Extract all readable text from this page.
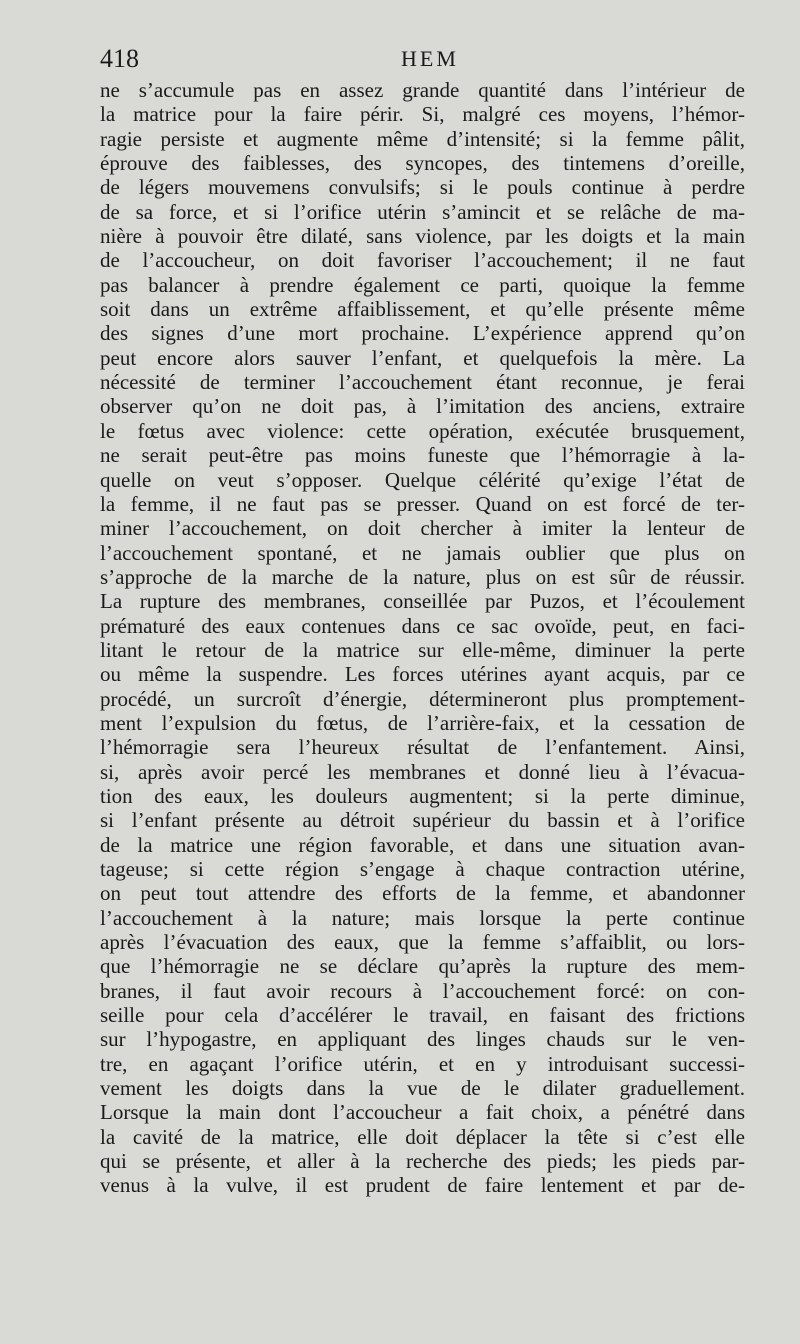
418	HEM
ne s’accumule pas en assez grande quantité dans l’intérieur de
la matrice pour la faire périr. Si, malgré ces moyens, l’hémor-
ragie persiste et augmente même d’intensité; si la femme pâlit,
éprouve des faiblesses, des syncopes, des tintemens d’oreille,
de légers mouvemens convulsifs; si le pouls continue à perdre
de sa force, et si l’orifice utérin s’amincit et se relâche de ma-
nière à pouvoir être dilaté, sans violence, par les doigts et la main
de l’accoucheur, on doit favoriser l’accouchement; il ne faut
pas balancer à prendre également ce parti, quoique la femme
soit dans un extrême affaiblissement, et qu’elle présente même
des signes d’une mort prochaine. L’expérience apprend qu’on
peut encore alors sauver l’enfant, et quelquefois la mère. La
nécessité de terminer l’accouchement étant reconnue, je ferai
observer qu’on ne doit pas, à l’imitation des anciens, extraire
le fœtus avec violence: cette opération, exécutée brusquement,
ne serait peut-être pas moins funeste que l’hémorragie à la-
quelle on veut s’opposer. Quelque célérité qu’exige l’état de
la femme, il ne faut pas se presser. Quand on est forcé de ter-
miner l’accouchement, on doit chercher à imiter la lenteur de
l’accouchement spontané, et ne jamais oublier que plus on
s’approche de la marche de la nature, plus on est sûr de réussir.
La rupture des membranes, conseillée par Puzos, et l’écoulement
prématuré des eaux contenues dans ce sac ovoïde, peut, en faci-
litant le retour de la matrice sur elle-même, diminuer la perte
ou même la suspendre. Les forces utérines ayant acquis, par ce
procédé, un surcroît d’énergie, détermineront plus promptement-
ment l’expulsion du fœtus, de l’arrière-faix, et la cessation de
l’hémorragie sera l’heureux résultat de l’enfantement. Ainsi,
si, après avoir percé les membranes et donné lieu à l’évacua-
tion des eaux, les douleurs augmentent; si la perte diminue,
si l’enfant présente au détroit supérieur du bassin et à l’orifice
de la matrice une région favorable, et dans une situation avan-
tageuse; si cette région s’engage à chaque contraction utérine,
on peut tout attendre des efforts de la femme, et abandonner
l’accouchement à la nature; mais lorsque la perte continue
après l’évacuation des eaux, que la femme s’affaiblit, ou lors-
que l’hémorragie ne se déclare qu’après la rupture des mem-
branes, il faut avoir recours à l’accouchement forcé: on con-
seille pour cela d’accélérer le travail, en faisant des frictions
sur l’hypogastre, en appliquant des linges chauds sur le ven-
tre, en agaçant l’orifice utérin, et en y introduisant successi-
vement les doigts dans la vue de le dilater graduellement.
Lorsque la main dont l’accoucheur a fait choix, a pénétré dans
la cavité de la matrice, elle doit déplacer la tête si c’est elle
qui se présente, et aller à la recherche des pieds; les pieds par-
venus à la vulve, il est prudent de faire lentement et par de-
